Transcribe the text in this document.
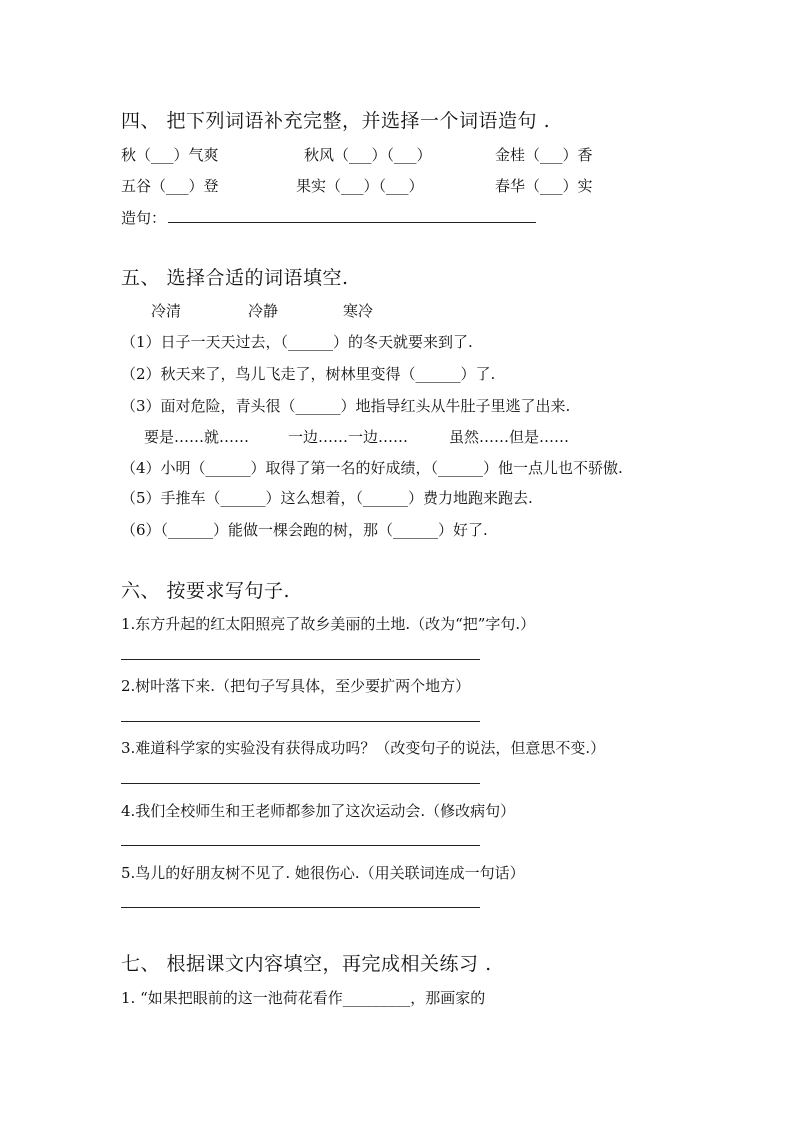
四、 把下列词语补充完整，并选择一个词语造句 .
秋（___）气爽	秋风（___）（___）	金桂（___）香
五谷（___）登	果实（___）（___）	春华（___）实
造句：
五、 选择合适的词语填空.
冷清	冷静	寒冷
（1）日子一天天过去，（______）的冬天就要来到了.
（2）秋天来了，鸟儿飞走了，树林里变得（______）了.
（3）面对危险，青头很（______）地指导红头从牛肚子里逃了出来.
要是……就……	一边……一边……	虽然……但是……
（4）小明（______）取得了第一名的好成绩，（______）他一点儿也不骄傲.
（5）手推车（______）这么想着，（______）费力地跑来跑去.
（6）（______）能做一棵会跑的树，那（______）好了.
六、 按要求写句子.
1.东方升起的红太阳照亮了故乡美丽的土地.（改为“把”字句.）
2.树叶落下来.（把句子写具体，至少要扩两个地方）
3.难道科学家的实验没有获得成功吗？（改变句子的说法，但意思不变.）
4.我们全校师生和王老师都参加了这次运动会.（修改病句）
5.鸟儿的好朋友树不见了. 她很伤心.（用关联词连成一句话）
七、 根据课文内容填空，再完成相关练习 .
1. “如果把眼前的这一池荷花看作_________，那画家的
